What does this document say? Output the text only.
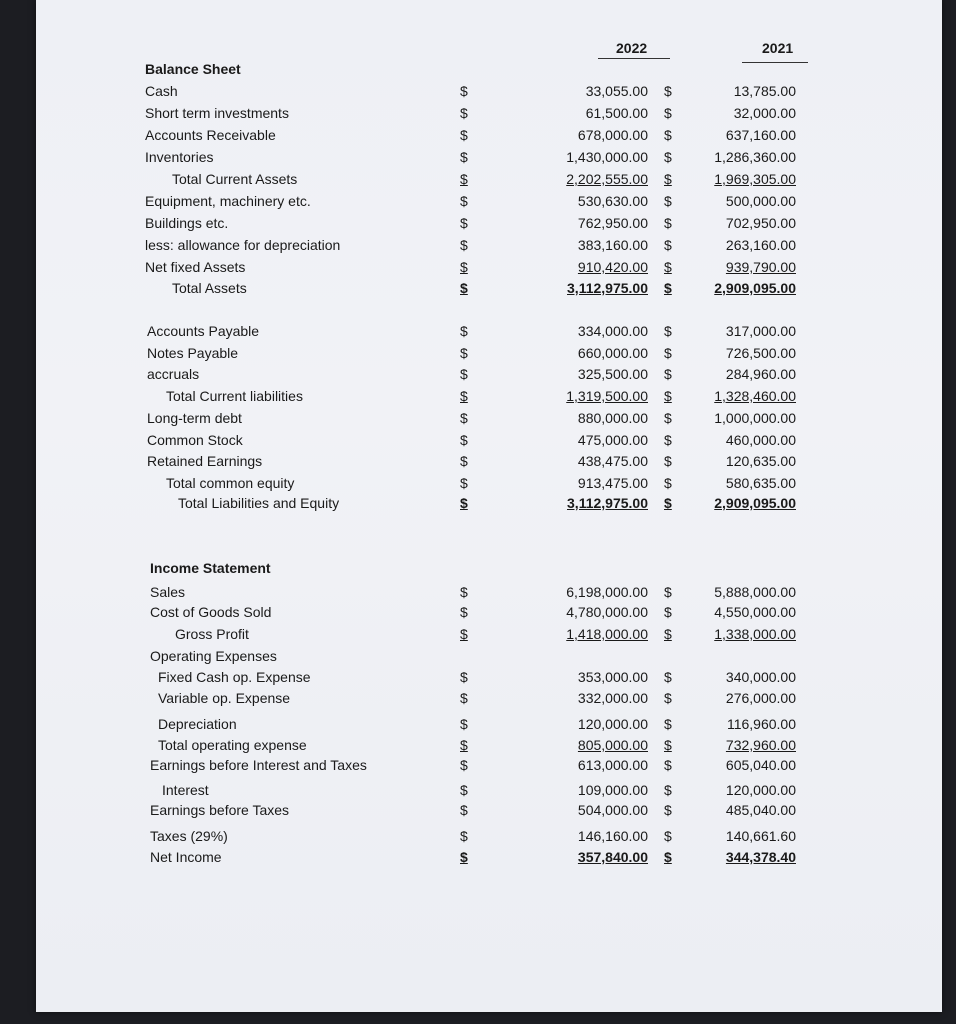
2022	2021
Balance Sheet
Income Statement
Cash	$	33,055.00 $	13,785.00
Short term investments	$	61,500.00 $	32,000.00
Accounts Receivable	$	678,000.00 $	637,160.00
Inventories	$	1,430,000.00 $	1,286,360.00
Total Current Assets	$	2,202,555.00 $	1,969,305.00
Equipment, machinery etc.	$	530,630.00 $	500,000.00
Buildings etc.	$	762,950.00 $	702,950.00
less: allowance for depreciation	$	383,160.00 $	263,160.00
Net fixed Assets	$	910,420.00 $	939,790.00
Total Assets	$	3,112,975.00 $	2,909,095.00
Accounts Payable	$	334,000.00 $	317,000.00
Notes Payable	$	660,000.00 $	726,500.00
accruals	$	325,500.00 $	284,960.00
Total Current liabilities	$	1,319,500.00 $	1,328,460.00
Long-term debt	$	880,000.00 $	1,000,000.00
Common Stock	$	475,000.00 $	460,000.00
Retained Earnings	$	438,475.00 $	120,635.00
Total common equity	$	913,475.00 $	580,635.00
Total Liabilities and Equity	$	3,112,975.00 $	2,909,095.00
Sales	$	6,198,000.00 $	5,888,000.00
Cost of Goods Sold	$	4,780,000.00 $	4,550,000.00
Gross Profit	$	1,418,000.00 $	1,338,000.00
Operating Expenses
Fixed Cash op. Expense	$	353,000.00 $	340,000.00
Variable op. Expense	$	332,000.00 $	276,000.00
Depreciation	$	120,000.00 $	116,960.00
Total operating expense	$	805,000.00 $	732,960.00
Earnings before Interest and Taxes	$	613,000.00 $	605,040.00
Interest	$	109,000.00 $	120,000.00
Earnings before Taxes	$	504,000.00 $	485,040.00
Taxes (29%)	$	146,160.00 $	140,661.60
Net Income	$	357,840.00 $	344,378.40
